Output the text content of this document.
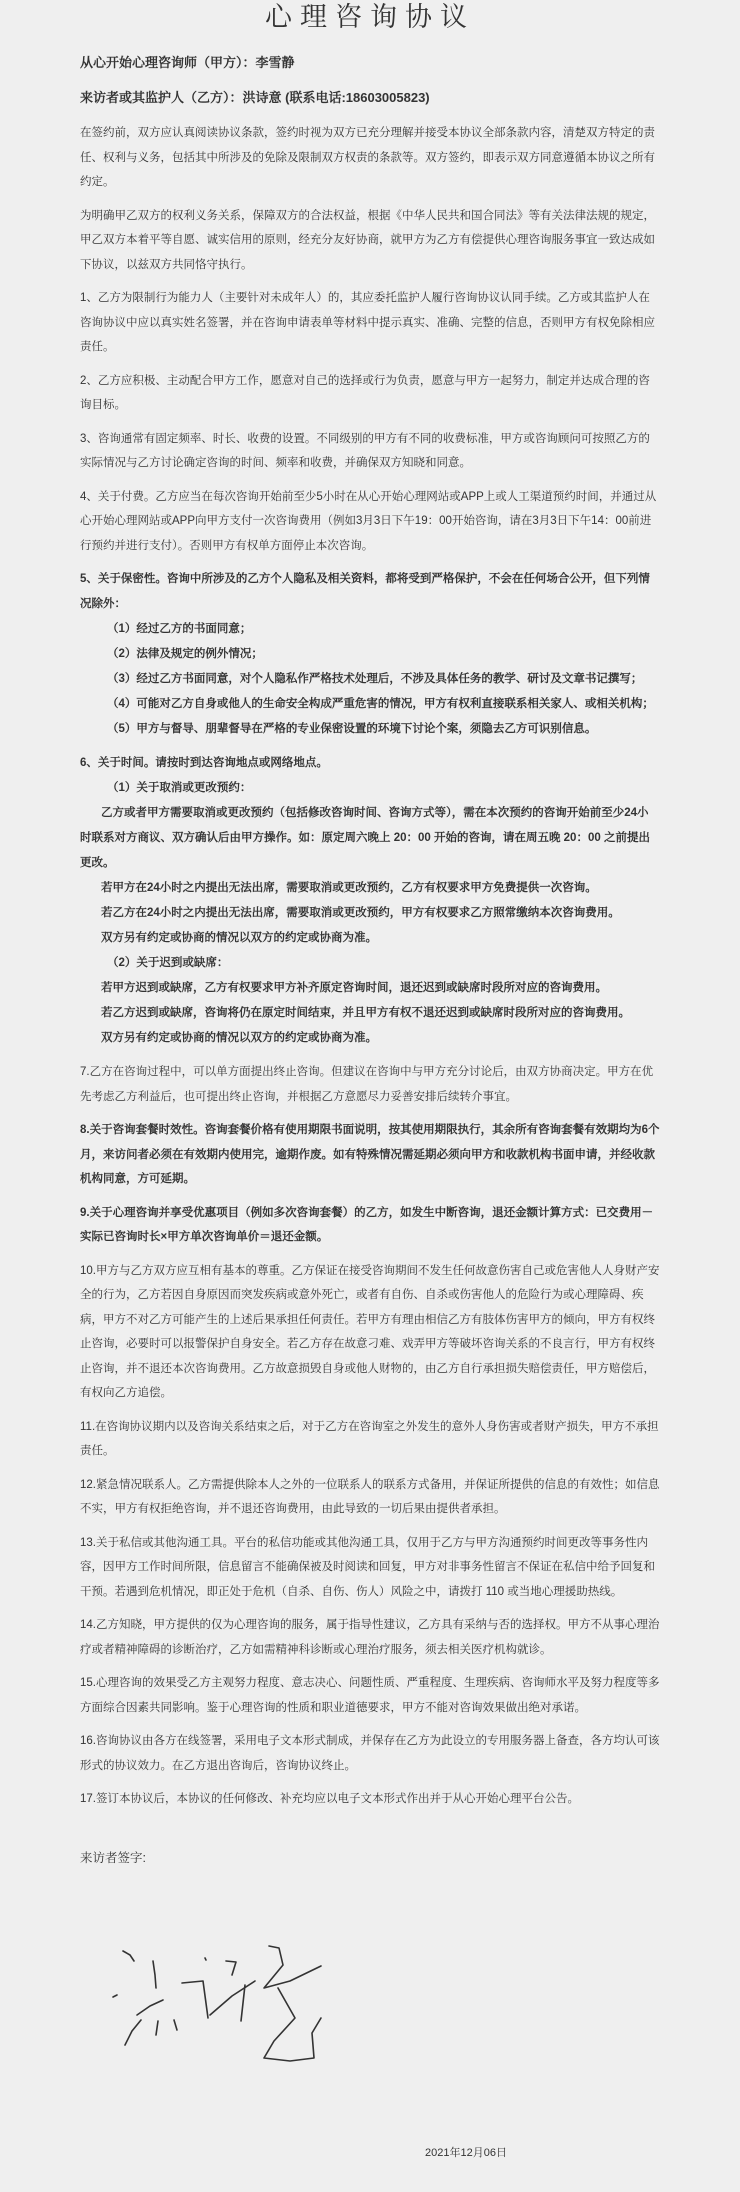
心理咨询协议
从心开始心理咨询师（甲方）：李雪静
来访者或其监护人（乙方）：洪诗意 (联系电话:18603005823)

在签约前，双方应认真阅读协议条款，签约时视为双方已充分理解并接受本协议全部条款内容，清楚双方特定的责任、权利与义务，包括其中所涉及的免除及限制双方权责的条款等。双方签约，即表示双方同意遵循本协议之所有约定。

为明确甲乙双方的权利义务关系，保障双方的合法权益，根据《中华人民共和国合同法》等有关法律法规的规定，甲乙双方本着平等自愿、诚实信用的原则，经充分友好协商，就甲方为乙方有偿提供心理咨询服务事宜一致达成如下协议，以兹双方共同恪守执行。

1、乙方为限制行为能力人（主要针对未成年人）的，其应委托监护人履行咨询协议认同手续。乙方或其监护人在咨询协议中应以真实姓名签署，并在咨询申请表单等材料中提示真实、准确、完整的信息，否则甲方有权免除相应责任。

2、乙方应积极、主动配合甲方工作，愿意对自己的选择或行为负责，愿意与甲方一起努力，制定并达成合理的咨询目标。

3、咨询通常有固定频率、时长、收费的设置。不同级别的甲方有不同的收费标准，甲方或咨询顾问可按照乙方的实际情况与乙方讨论确定咨询的时间、频率和收费，并确保双方知晓和同意。

4、关于付费。乙方应当在每次咨询开始前至少5小时在从心开始心理网站或APP上或人工渠道预约时间，并通过从心开始心理网站或APP向甲方支付一次咨询费用（例如3月3日下午19：00开始咨询，请在3月3日下午14：00前进行预约并进行支付）。否则甲方有权单方面停止本次咨询。

5、关于保密性。咨询中所涉及的乙方个人隐私及相关资料，都将受到严格保护，不会在任何场合公开，但下列情况除外：

（1）经过乙方的书面同意；

（2）法律及规定的例外情况；

（3）经过乙方书面同意，对个人隐私作严格技术处理后，不涉及具体任务的教学、研讨及文章书记撰写；

（4）可能对乙方自身或他人的生命安全构成严重危害的情况，甲方有权利直接联系相关家人、或相关机构；

（5）甲方与督导、朋辈督导在严格的专业保密设置的环境下讨论个案，须隐去乙方可识别信息。

6、关于时间。请按时到达咨询地点或网络地点。

（1）关于取消或更改预约：

乙方或者甲方需要取消或更改预约（包括修改咨询时间、咨询方式等），需在本次预约的咨询开始前至少24小时联系对方商议、双方确认后由甲方操作。如：原定周六晚上 20：00 开始的咨询，请在周五晚 20：00 之前提出更改。

若甲方在24小时之内提出无法出席，需要取消或更改预约，乙方有权要求甲方免费提供一次咨询。

若乙方在24小时之内提出无法出席，需要取消或更改预约，甲方有权要求乙方照常缴纳本次咨询费用。

双方另有约定或协商的情况以双方的约定或协商为准。

（2）关于迟到或缺席：

若甲方迟到或缺席，乙方有权要求甲方补齐原定咨询时间，退还迟到或缺席时段所对应的咨询费用。

若乙方迟到或缺席，咨询将仍在原定时间结束，并且甲方有权不退还迟到或缺席时段所对应的咨询费用。

双方另有约定或协商的情况以双方的约定或协商为准。

7.乙方在咨询过程中，可以单方面提出终止咨询。但建议在咨询中与甲方充分讨论后，由双方协商决定。甲方在优先考虑乙方利益后，也可提出终止咨询，并根据乙方意愿尽力妥善安排后续转介事宜。

8.关于咨询套餐时效性。咨询套餐价格有使用期限书面说明，按其使用期限执行，其余所有咨询套餐有效期均为6个月，来访问者必须在有效期内使用完，逾期作废。如有特殊情况需延期必须向甲方和收款机构书面申请，并经收款机构同意，方可延期。

9.关于心理咨询并享受优惠项目（例如多次咨询套餐）的乙方，如发生中断咨询，退还金额计算方式：已交费用－实际已咨询时长×甲方单次咨询单价＝退还金额。

10.甲方与乙方双方应互相有基本的尊重。乙方保证在接受咨询期间不发生任何故意伤害自己或危害他人人身财产安全的行为，乙方若因自身原因而突发疾病或意外死亡，或者有自伤、自杀或伤害他人的危险行为或心理障碍、疾病，甲方不对乙方可能产生的上述后果承担任何责任。若甲方有理由相信乙方有肢体伤害甲方的倾向，甲方有权终止咨询，必要时可以报警保护自身安全。若乙方存在故意刁难、戏弄甲方等破坏咨询关系的不良言行，甲方有权终止咨询，并不退还本次咨询费用。乙方故意损毁自身或他人财物的，由乙方自行承担损失赔偿责任，甲方赔偿后，有权向乙方追偿。

11.在咨询协议期内以及咨询关系结束之后，对于乙方在咨询室之外发生的意外人身伤害或者财产损失，甲方不承担责任。

12.紧急情况联系人。乙方需提供除本人之外的一位联系人的联系方式备用，并保证所提供的信息的有效性；如信息不实，甲方有权拒绝咨询，并不退还咨询费用，由此导致的一切后果由提供者承担。

13.关于私信或其他沟通工具。平台的私信功能或其他沟通工具，仅用于乙方与甲方沟通预约时间更改等事务性内容，因甲方工作时间所限，信息留言不能确保被及时阅读和回复，甲方对非事务性留言不保证在私信中给予回复和干预。若遇到危机情况，即正处于危机（自杀、自伤、伤人）风险之中，请拨打 110 或当地心理援助热线。

14.乙方知晓，甲方提供的仅为心理咨询的服务，属于指导性建议，乙方具有采纳与否的选择权。甲方不从事心理治疗或者精神障碍的诊断治疗，乙方如需精神科诊断或心理治疗服务，须去相关医疗机构就诊。

15.心理咨询的效果受乙方主观努力程度、意志决心、问题性质、严重程度、生理疾病、咨询师水平及努力程度等多方面综合因素共同影响。鉴于心理咨询的性质和职业道德要求，甲方不能对咨询效果做出绝对承诺。

16.咨询协议由各方在线签署，采用电子文本形式制成，并保存在乙方为此设立的专用服务器上备查，各方均认可该形式的协议效力。在乙方退出咨询后，咨询协议终止。

17.签订本协议后，本协议的任何修改、补充均应以电子文本形式作出并于从心开始心理平台公告。

来访者签字:
2021年12月06日
